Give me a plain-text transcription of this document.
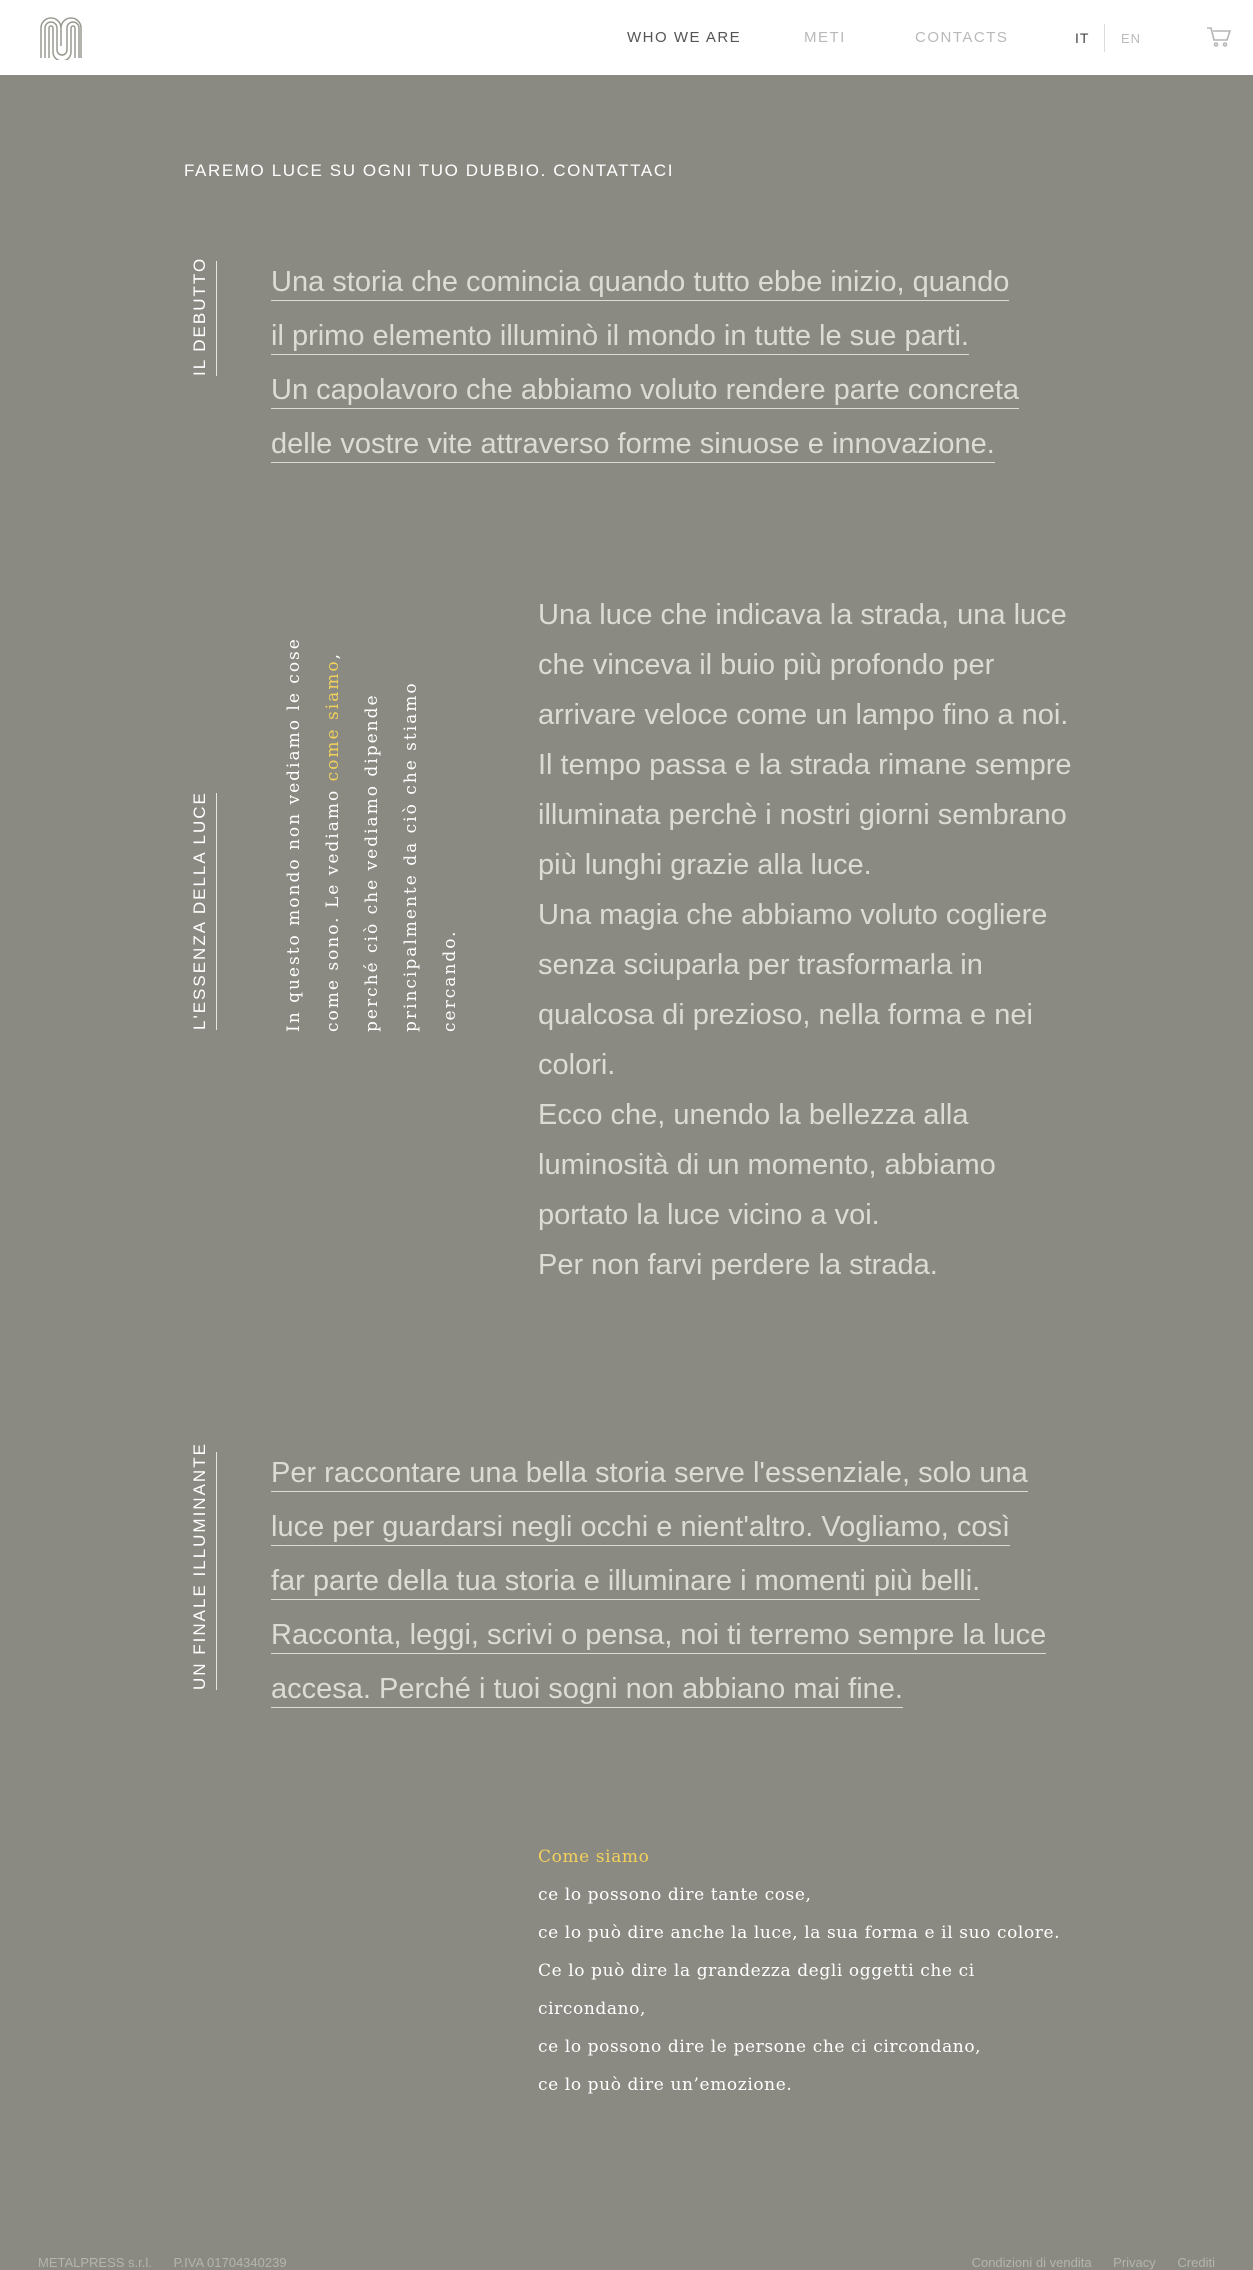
WHO WE ARE	METI	CONTACTS	IT EN
FAREMO LUCE SU OGNI TUO DUBBIO. CONTATTACI
IL DEBUTTO	Una storia che comincia quando tutto ebbe inizio, quando
il primo elemento illuminò il mondo in tutte le sue parti.
Un capolavoro che abbiamo voluto rendere parte concreta
delle vostre vite attraverso forme sinuose e innovazione.
L'ESSENZA DELLA LUCE	In questo mondo non vediamo le cose come sono. Le vediamo come siamo, perché ciò che vediamo dipende principalmente da ciò che stiamo cercando.
Una luce che indicava la strada, una luce che vinceva il buio più profondo per arrivare veloce come un lampo fino a noi. Il tempo passa e la strada rimane sempre illuminata perchè i nostri giorni sembrano più lunghi grazie alla luce.
Una magia che abbiamo voluto cogliere senza sciuparla per trasformarla in qualcosa di prezioso, nella forma e nei colori.
Ecco che, unendo la bellezza alla luminosità di un momento, abbiamo portato la luce vicino a voi.
Per non farvi perdere la strada.
UN FINALE ILLUMINANTE	Per raccontare una bella storia serve l'essenziale, solo una
luce per guardarsi negli occhi e nient'altro. Vogliamo, così
far parte della tua storia e illuminare i momenti più belli.
Racconta, leggi, scrivi o pensa, noi ti terremo sempre la luce
accesa. Perché i tuoi sogni non abbiano mai fine.
Come siamo
ce lo possono dire tante cose,
ce lo può dire anche la luce, la sua forma e il suo colore.
Ce lo può dire la grandezza degli oggetti che ci
circondano,
ce lo possono dire le persone che ci circondano,
ce lo può dire un’emozione.
METALPRESS s.r.l. P.IVA 01704340239	Condizioni di vendita Privacy Crediti
